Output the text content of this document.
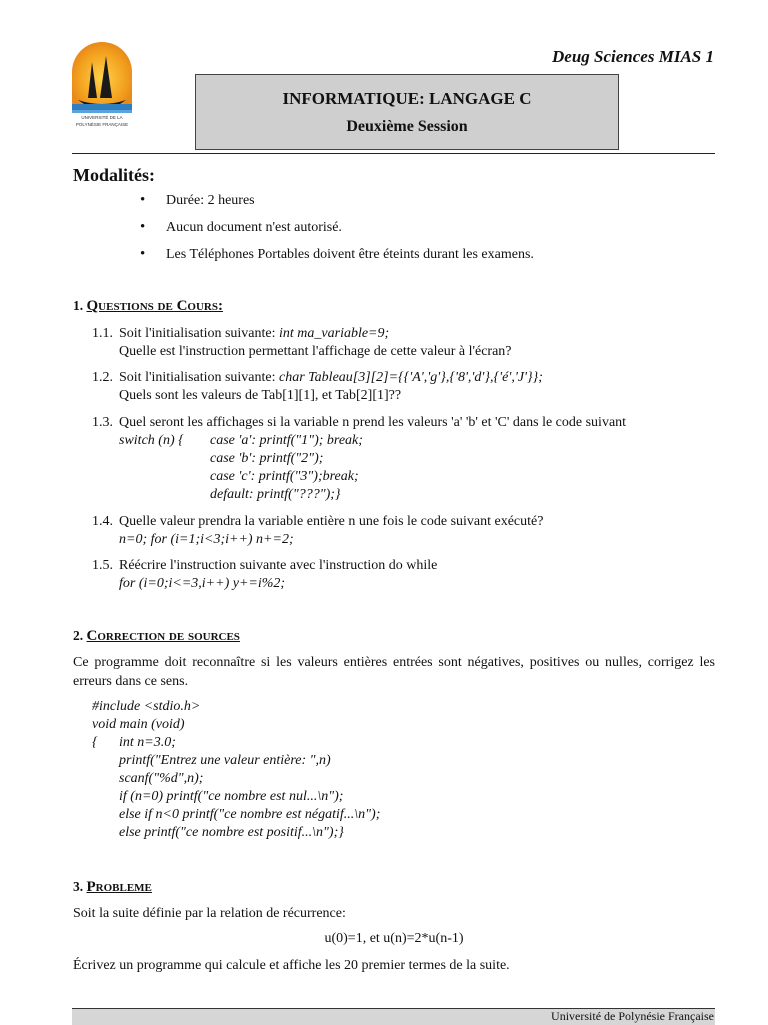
UNIVERSITÉ DE LA
POLYNÉSIE FRANÇAISE
Deug Sciences MIAS 1
INFORMATIQUE: LANGAGE C
Deuxième Session
Modalités:
• Durée: 2 heures
• Aucun document n'est autorisé.
• Les Téléphones Portables doivent être éteints durant les examens.
1. Questions de Cours:
1.1. Soit l'initialisation suivante: int ma_variable=9;
Quelle est l'instruction permettant l'affichage de cette valeur à l'écran?
1.2. Soit l'initialisation suivante: char Tableau[3][2]={{'A','g'},{'8','d'},{'é','J'}};
Quels sont les valeurs de Tab[1][1], et Tab[2][1]??
1.3. Quel seront les affichages si la variable n prend les valeurs 'a' 'b' et 'C' dans le code suivant
switch (n) { case 'a': printf("1"); break;
case 'b': printf("2");
case 'c': printf("3");break;
default: printf("???");}
1.4. Quelle valeur prendra la variable entière n une fois le code suivant exécuté?
n=0; for (i=1;i<3;i++) n+=2;
1.5. Réécrire l'instruction suivante avec l'instruction do while
for (i=0;i<=3,i++) y+=i%2;
2. Correction de sources
Ce programme doit reconnaître si les valeurs entières entrées sont négatives, positives ou nulles, corrigez les erreurs dans ce sens.
#include <stdio.h>
void main (void)
{ int n=3.0;
printf("Entrez une valeur entière: ",n)
scanf("%d",n);
if (n=0) printf("ce nombre est nul...\n");
else if n<0 printf("ce nombre est négatif...\n");
else printf("ce nombre est positif...\n");}
3. Probleme
Soit la suite définie par la relation de récurrence:
u(0)=1, et u(n)=2*u(n-1)
Écrivez un programme qui calcule et affiche les 20 premier termes de la suite.
Université de Polynésie Française
